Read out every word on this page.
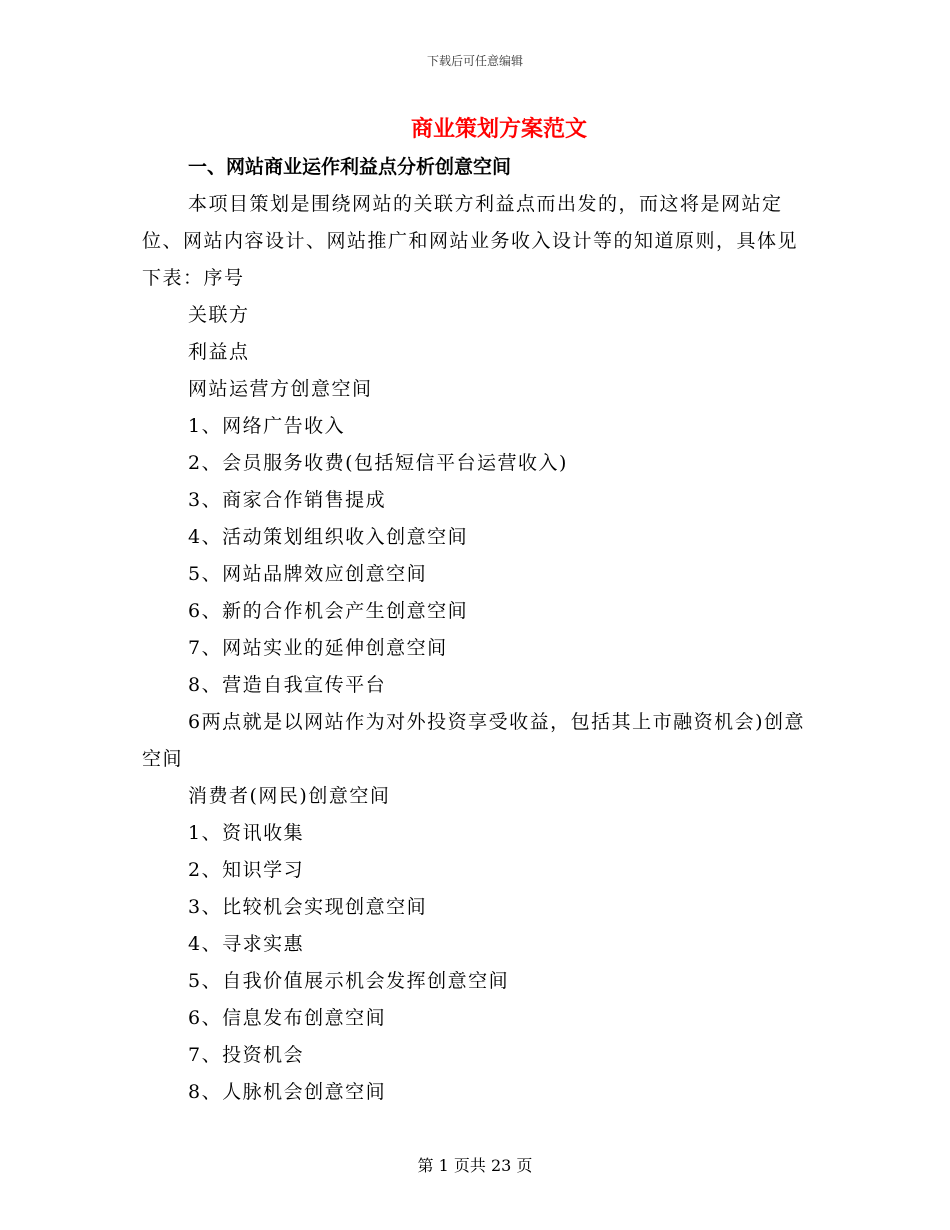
下载后可任意编辑
商业策划方案范文
一、网站商业运作利益点分析创意空间

本项目策划是围绕网站的关联方利益点而出发的，而这将是网站定位、网站内容设计、网站推广和网站业务收入设计等的知道原则，具体见下表：序号

关联方

利益点

网站运营方创意空间

1、网络广告收入

2、会员服务收费(包括短信平台运营收入)

3、商家合作销售提成

4、活动策划组织收入创意空间

5、网站品牌效应创意空间

6、新的合作机会产生创意空间

7、网站实业的延伸创意空间

8、营造自我宣传平台

6两点就是以网站作为对外投资享受收益，包括其上市融资机会)创意空间

消费者(网民)创意空间

1、资讯收集

2、知识学习

3、比较机会实现创意空间

4、寻求实惠

5、自我价值展示机会发挥创意空间

6、信息发布创意空间

7、投资机会

8、人脉机会创意空间

第 1 页共 23 页
